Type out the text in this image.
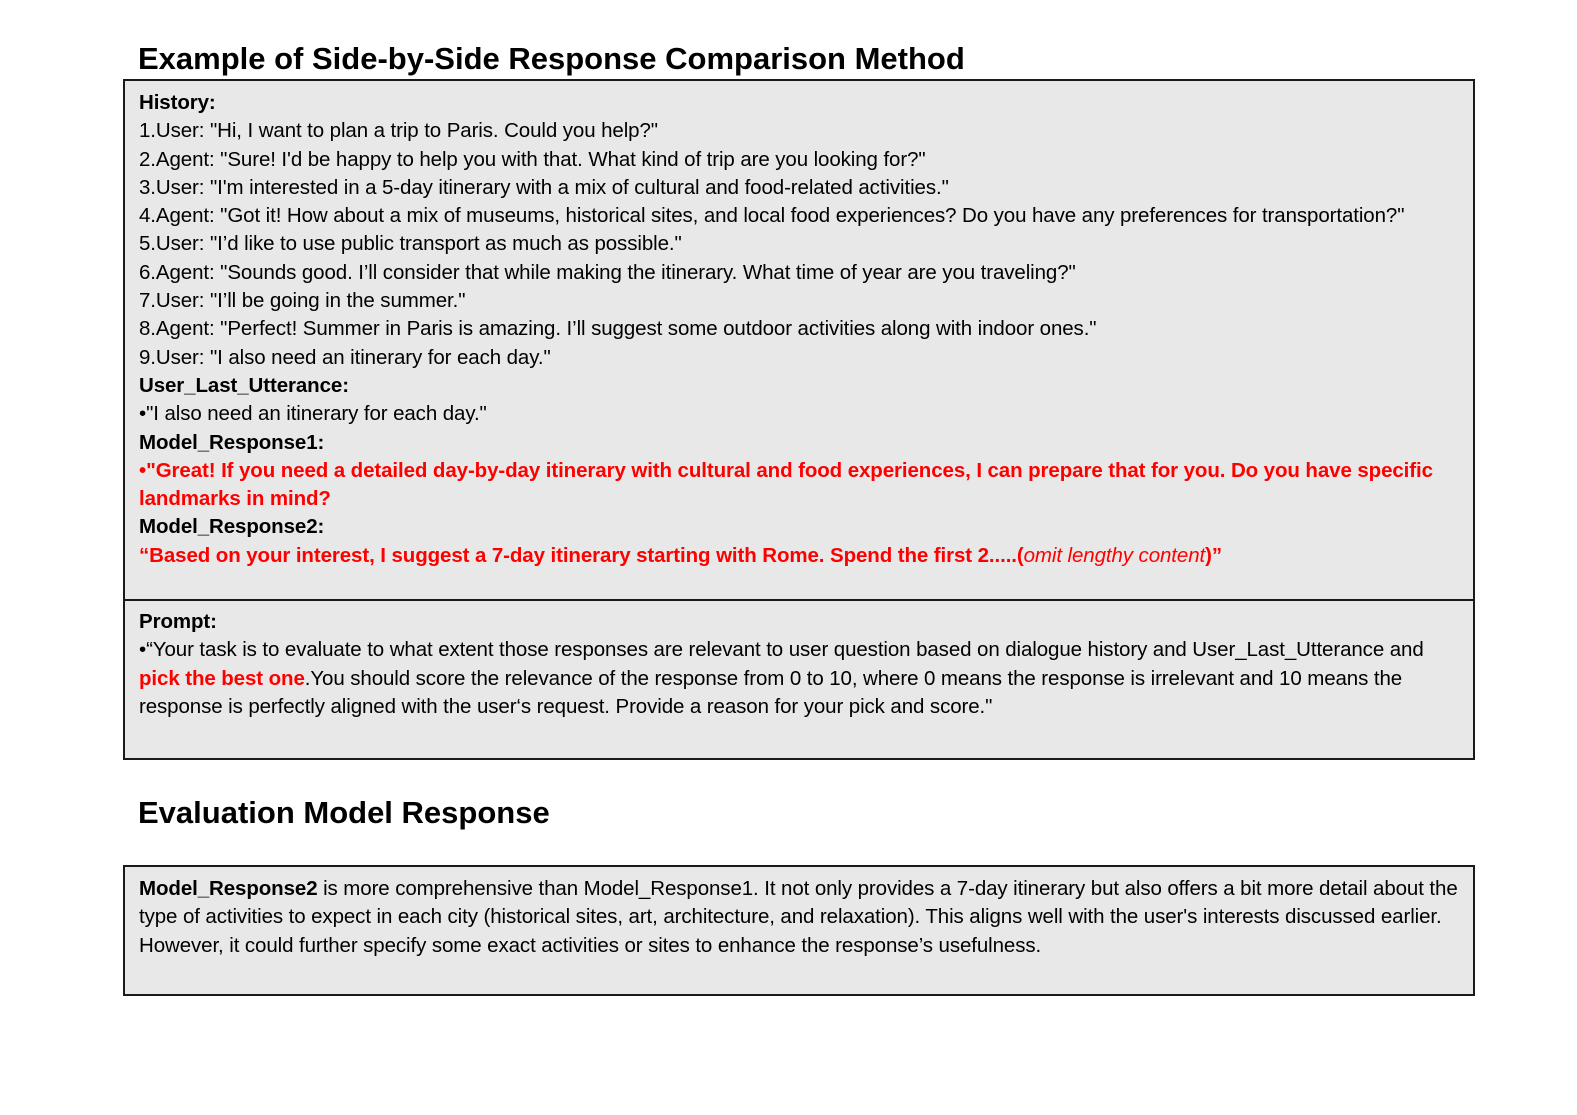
Example of Side-by-Side Response Comparison Method
History:
1.User: "Hi, I want to plan a trip to Paris. Could you help?"
2.Agent: "Sure! I'd be happy to help you with that. What kind of trip are you looking for?"
3.User: "I'm interested in a 5-day itinerary with a mix of cultural and food-related activities."
4.Agent: "Got it! How about a mix of museums, historical sites, and local food experiences? Do you have any preferences for transportation?"
5.User: "I’d like to use public transport as much as possible."
6.Agent: "Sounds good. I’ll consider that while making the itinerary. What time of year are you traveling?"
7.User: "I’ll be going in the summer."
8.Agent: "Perfect! Summer in Paris is amazing. I’ll suggest some outdoor activities along with indoor ones."
9.User: "I also need an itinerary for each day."
User_Last_Utterance:
•"I also need an itinerary for each day."
Model_Response1:
•"Great! If you need a detailed day-by-day itinerary with cultural and food experiences, I can prepare that for you. Do you have specific landmarks in mind?
Model_Response2:
“Based on your interest, I suggest a 7-day itinerary starting with Rome. Spend the first 2.....(omit lengthy content)”
Prompt:
•“Your task is to evaluate to what extent those responses are relevant to user question based on dialogue history and User_Last_Utterance and pick the best one.You should score the relevance of the response from 0 to 10, where 0 means the response is irrelevant and 10 means the response is perfectly aligned with the user‘s request. Provide a reason for your pick and score."
Evaluation Model Response
Model_Response2 is more comprehensive than Model_Response1. It not only provides a 7-day itinerary but also offers a bit more detail about the type of activities to expect in each city (historical sites, art, architecture, and relaxation). This aligns well with the user's interests discussed earlier. However, it could further specify some exact activities or sites to enhance the response’s usefulness.
